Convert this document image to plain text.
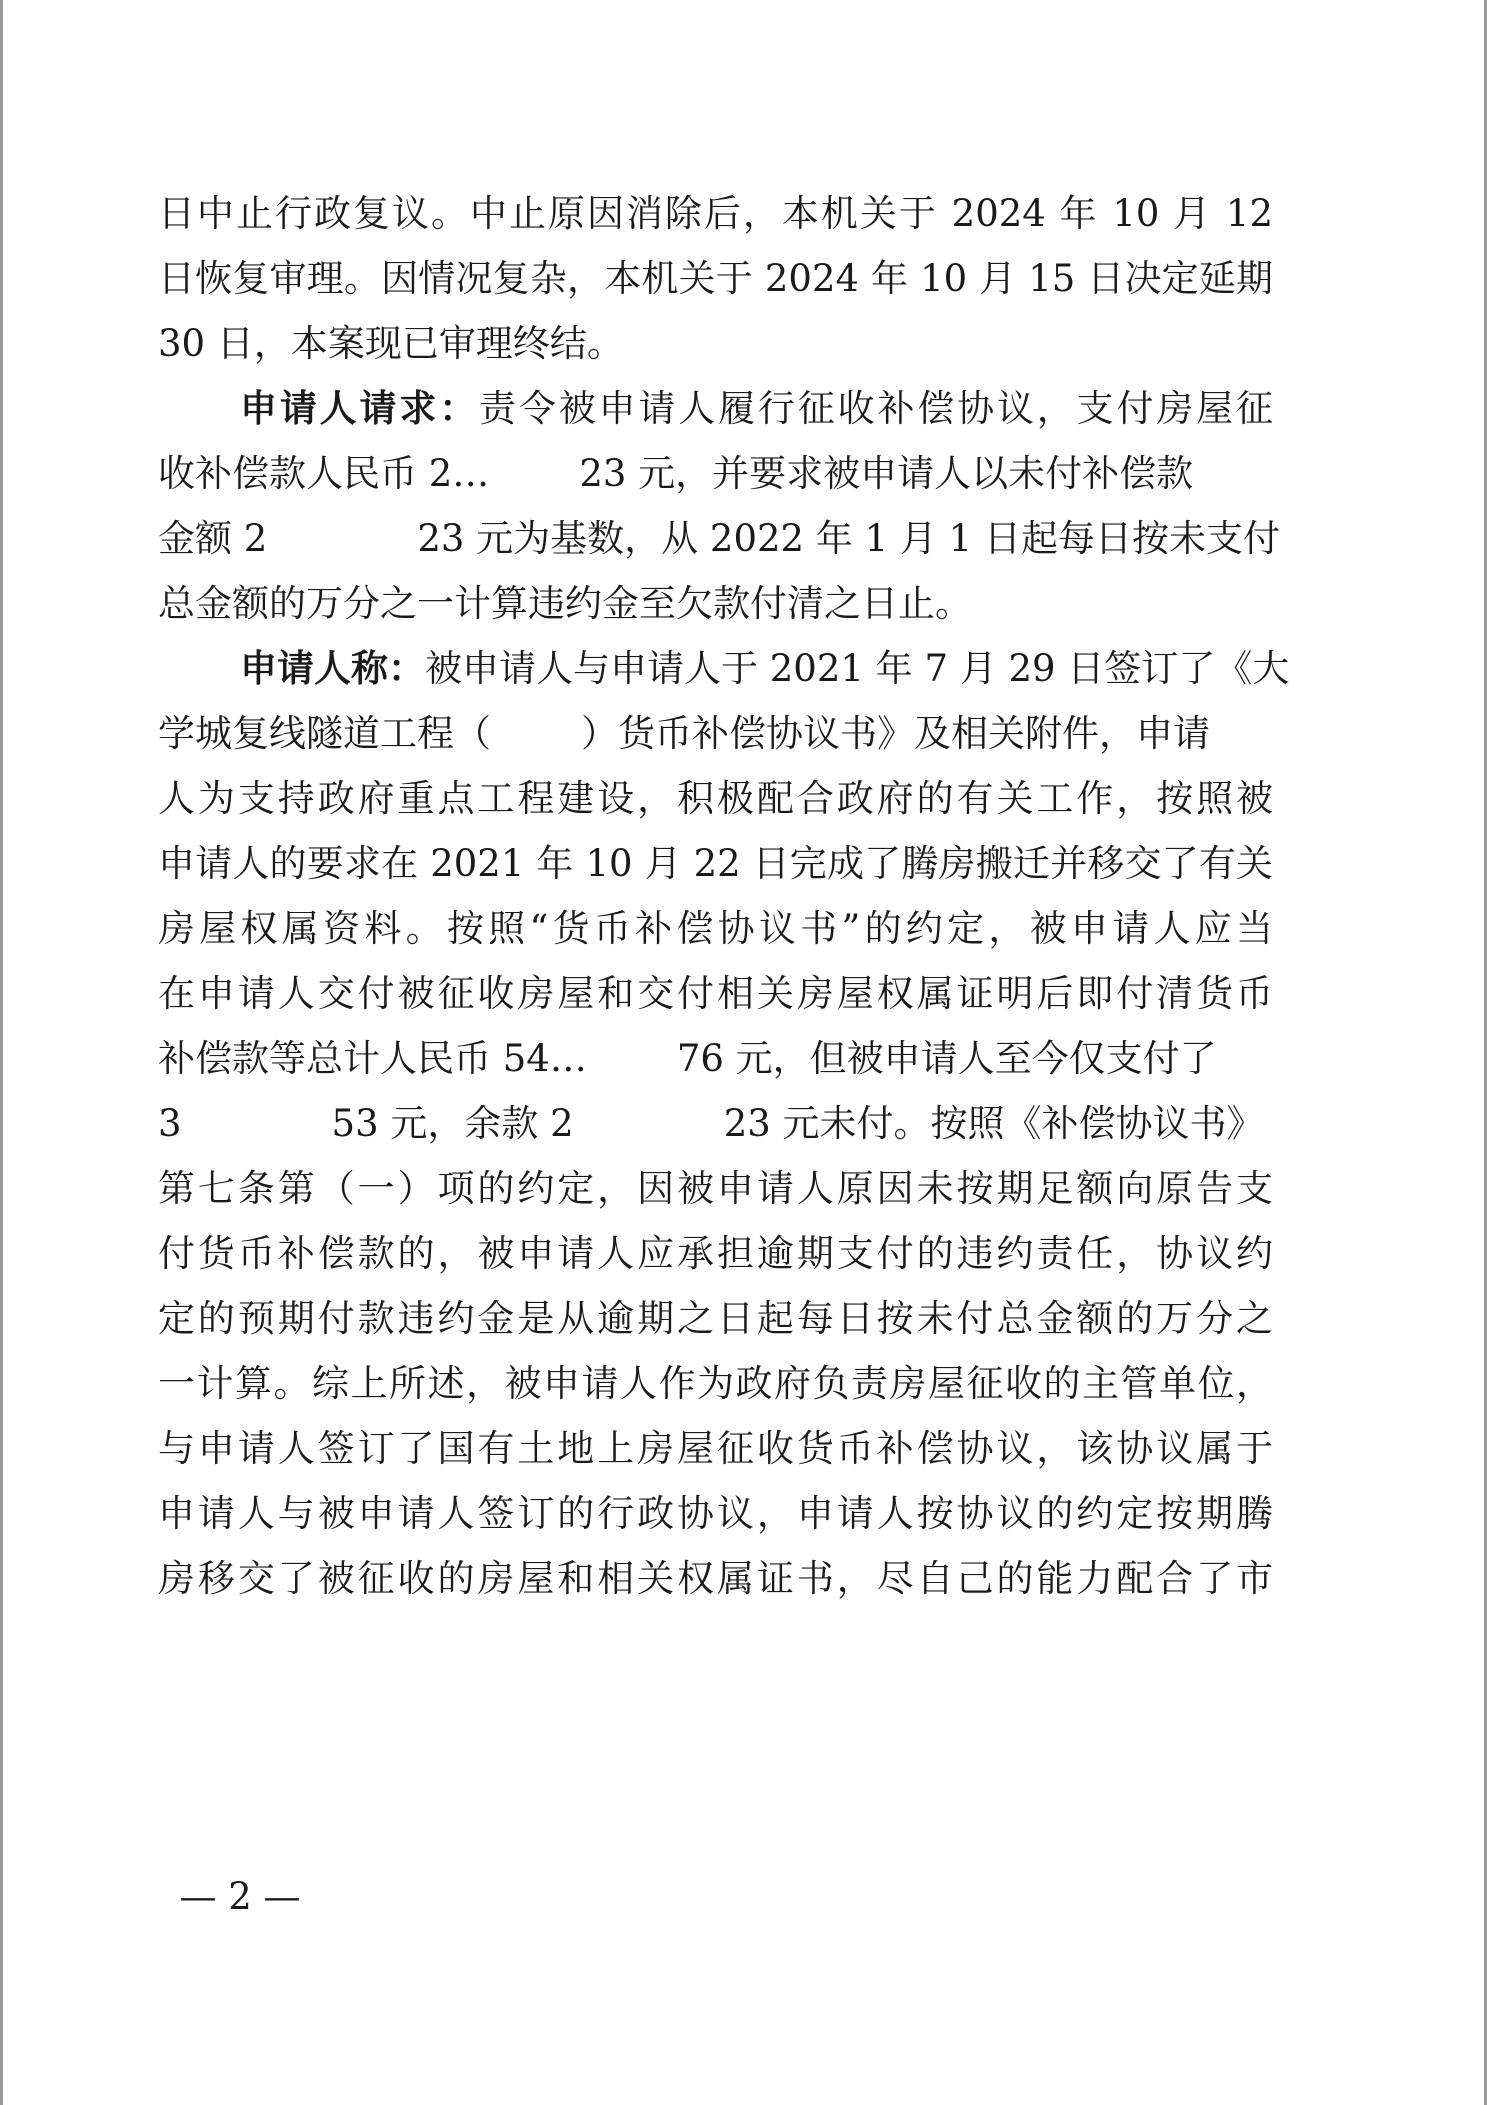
日中止行政复议。中止原因消除后，本机关于 2024 年 10 月 12
日恢复审理。因情况复杂，本机关于 2024 年 10 月 15 日决定延期
30 日，本案现已审理终结。
申请人请求：责令被申请人履行征收补偿协议，支付房屋征
收补偿款人民币 2… 23 元，并要求被申请人以未付补偿款
金额 2	23 元为基数，从 2022 年 1 月 1 日起每日按未支付
总金额的万分之一计算违约金至欠款付清之日止。
申请人称：被申请人与申请人于 2021 年 7 月 29 日签订了《大
学城复线隧道工程（ ）货币补偿协议书》及相关附件，申请
人为支持政府重点工程建设，积极配合政府的有关工作，按照被
申请人的要求在 2021 年 10 月 22 日完成了腾房搬迁并移交了有关
房屋权属资料。按照“货币补偿协议书”的约定，被申请人应当
在申请人交付被征收房屋和交付相关房屋权属证明后即付清货币
补偿款等总计人民币 54… 76 元，但被申请人至今仅支付了
3	53 元，余款 2	23 元未付。按照《补偿协议书》
第七条第（一）项的约定，因被申请人原因未按期足额向原告支
付货币补偿款的，被申请人应承担逾期支付的违约责任，协议约
定的预期付款违约金是从逾期之日起每日按未付总金额的万分之
一计算。综上所述，被申请人作为政府负责房屋征收的主管单位，
与申请人签订了国有土地上房屋征收货币补偿协议，该协议属于
申请人与被申请人签订的行政协议，申请人按协议的约定按期腾
房移交了被征收的房屋和相关权属证书，尽自己的能力配合了市
— 2 —
